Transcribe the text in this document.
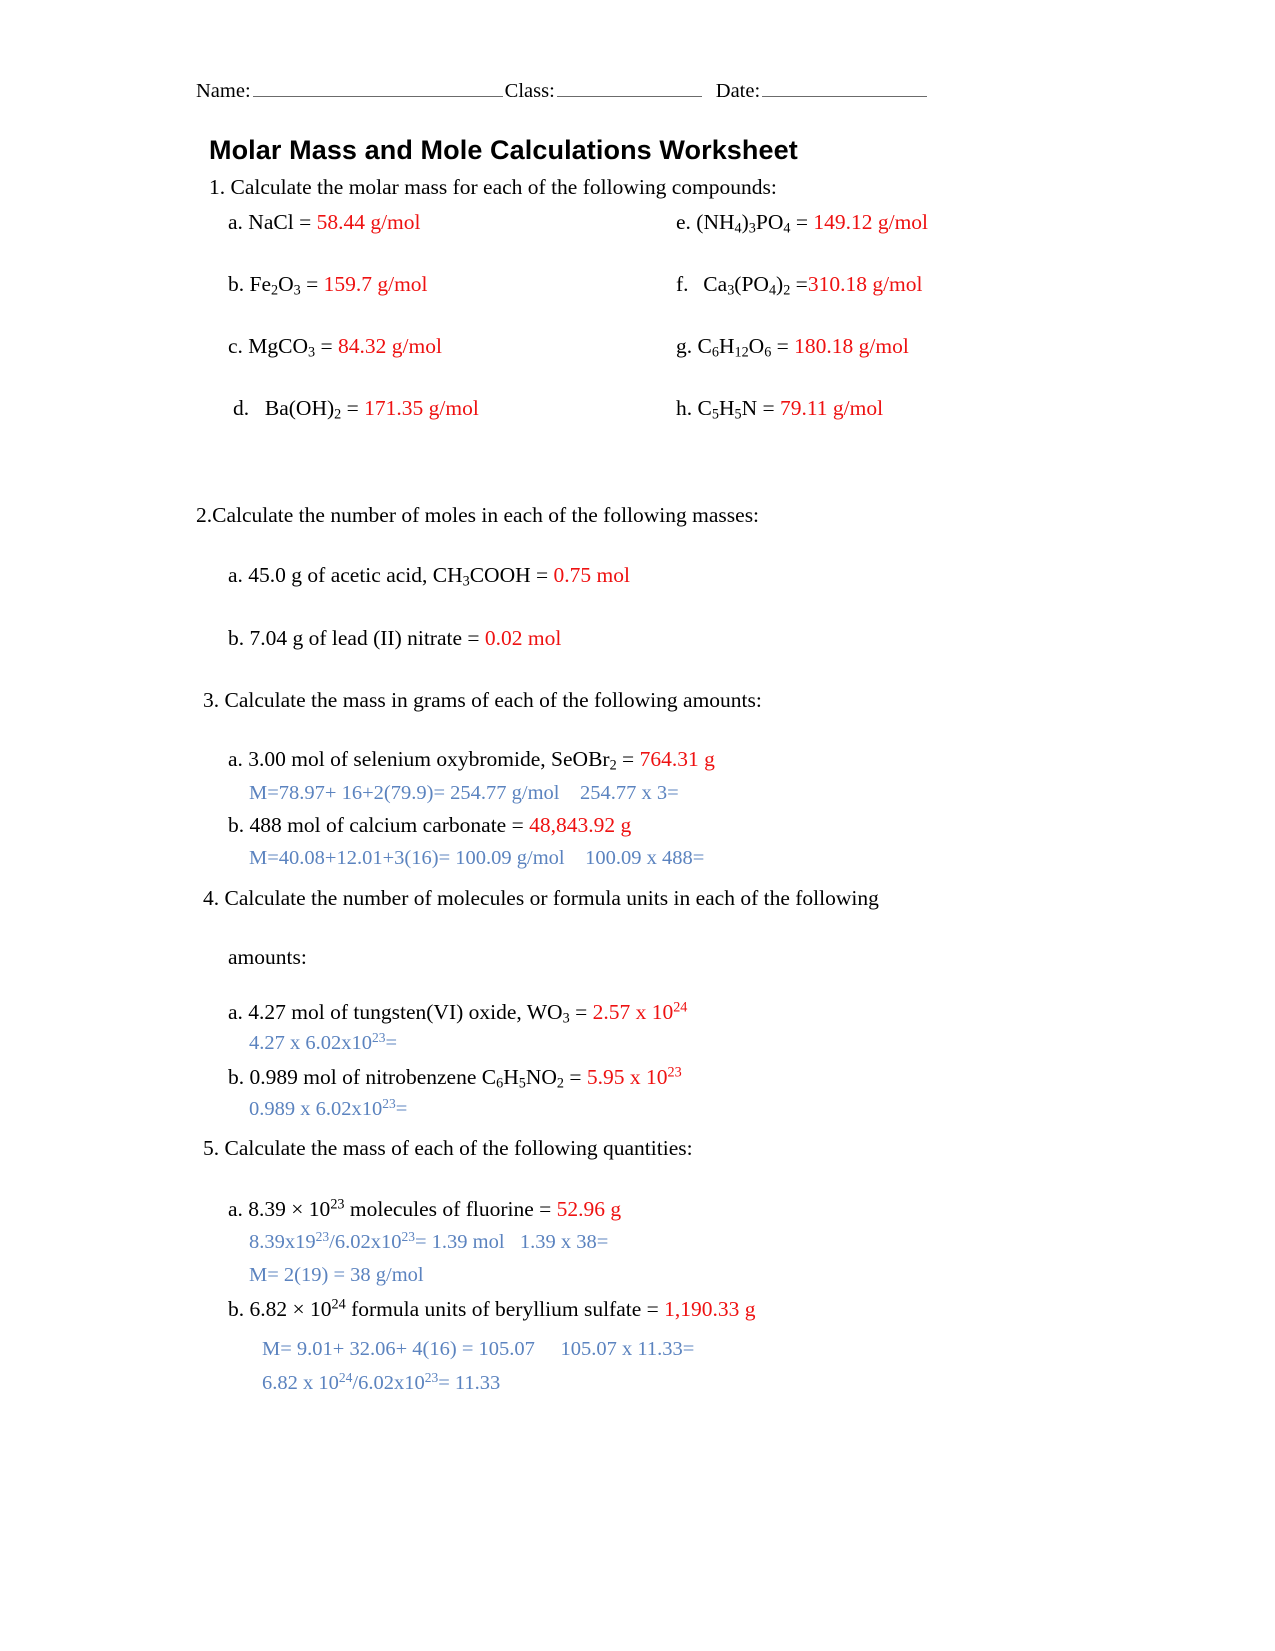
Name:	Class:	Date:
Molar Mass and Mole Calculations Worksheet
1. Calculate the molar mass for each of the following compounds:
a. NaCl = 58.44 g/mol
b. $Fe_2O_3 = 159.7$ g/mol
c. MgCO$_3$ = 84.32 g/mol
d. $Ba(OH)_2 = 171.35$ g/mol
e. $(NH_4)_3PO_4 = 149.12$ g/mol
f. $Ca_3(PO_4)_2 =310.18$ g/mol
g. $C_6H_{12}O_6 = 180.18$ g/mol
h. $C_5H_5N = 79.11$ g/mol
2.Calculate the number of moles in each of the following masses:
a. 45.0 g of acetic acid, $CH_3COOH = 0.75$ mol
b. 7.04 g of lead (II) nitrate = 0.02 mol
3. Calculate the mass in grams of each of the following amounts:
a. 3.00 mol of selenium oxybromide, SeOBr$_2$ = 764.31 g
M=78.97+ 16+2(79.9)= 254.77 g/mol    254.77 x 3=
b. 488 mol of calcium carbonate = 48,843.92 g
M=40.08+12.01+3(16)= 100.09 g/mol    100.09 x 488=
4. Calculate the number of molecules or formula units in each of the following
amounts:
a. 4.27 mol of tungsten(VI) oxide, $WO_3 = 2.57$ x $10^{24}$
4.27 x $6.02x10^{23}=$
b. 0.989 mol of nitrobenzene $C_6H_5NO_2 = 5.95$ x $10^{23}$
0.989 x $6.02x10^{23}=$
5. Calculate the mass of each of the following quantities:
a. $8.39 \times 10^{23}$ molecules of fluorine = 52.96 g
$8.39x19^{23}/6.02x10^{23}= 1.39$ mol   1.39 x 38=
M= 2(19) = 38 g/mol
b. $6.82 \times 10^{24}$ formula units of beryllium sulfate = 1,190.33 g
M= 9.01+ 32.06+ 4(16) = 105.07     105.07 x 11.33=
6.82 x $10^{24}/6.02x10^{23}= 11.33$
